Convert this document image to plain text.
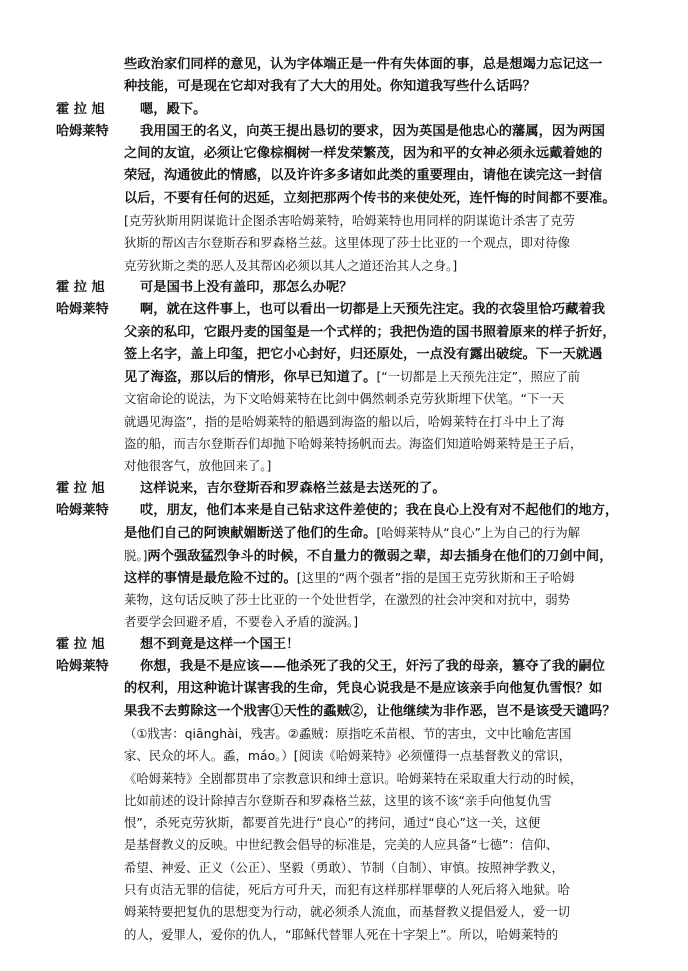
些政治家们同样的意见，认为字体端正是一件有失体面的事，总是想竭力忘记这一
种技能，可是现在它却对我有了大大的用处。你知道我写些什么话吗？
霍 拉 旭	嗯，殿下。
哈姆莱特 我用国王的名义，向英王提出恳切的要求，因为英国是他忠心的藩属，因为两国
之间的友谊，必须让它像棕榈树一样发荣繁茂，因为和平的女神必须永远戴着她的
荣冠，沟通彼此的情感，以及许许多多诸如此类的重要理由，请他在读完这一封信
以后，不要有任何的迟延，立刻把那两个传书的来使处死，连忏悔的时间都不要准。
[克劳狄斯用阴谋诡计企图杀害哈姆莱特，哈姆莱特也用同样的阴谋诡计杀害了克劳
狄斯的帮凶吉尔登斯吞和罗森格兰兹。这里体现了莎士比亚的一个观点，即对待像
克劳狄斯之类的恶人及其帮凶必须以其人之道还治其人之身。]
霍 拉 旭	可是国书上没有盖印，那怎么办呢？
哈姆莱特 啊，就在这件事上，也可以看出一切都是上天预先注定。我的衣袋里恰巧藏着我
父亲的私印，它跟丹麦的国玺是一个式样的；我把伪造的国书照着原来的样子折好，
签上名字，盖上印玺，把它小心封好，归还原处，一点没有露出破绽。下一天就遇
见了海盗，那以后的情形，你早已知道了。[“一切都是上天预先注定”，照应了前
文宿命论的说法，为下文哈姆莱特在比剑中偶然刺杀克劳狄斯埋下伏笔。“下一天
就遇见海盗”，指的是哈姆莱特的船遇到海盗的船以后，哈姆莱特在打斗中上了海
盗的船，而吉尔登斯吞们却抛下哈姆莱特扬帆而去。海盗们知道哈姆莱特是王子后，
对他很客气，放他回来了。]
霍 拉 旭	这样说来，吉尔登斯吞和罗森格兰兹是去送死的了。
哈姆莱特 哎，朋友，他们本来是自己钻求这件差使的；我在良心上没有对不起他们的地方，
是他们自己的阿谀献媚断送了他们的生命。[哈姆莱特从“良心”上为自己的行为解
脱。]两个强敌猛烈争斗的时候，不自量力的微弱之辈，却去插身在他们的刀剑中间，
这样的事情是最危险不过的。[这里的“两个强者”指的是国王克劳狄斯和王子哈姆
莱物，这句话反映了莎士比亚的一个处世哲学，在激烈的社会冲突和对抗中，弱势
者要学会回避矛盾，不要卷入矛盾的漩涡。]
霍 拉 旭	想不到竟是这样一个国王！
哈姆莱特 你想，我是不是应该——他杀死了我的父王，奸污了我的母亲，篡夺了我的嗣位
的权利，用这种诡计谋害我的生命，凭良心说我是不是应该亲手向他复仇雪恨？如
果我不去剪除这一个戕害①天性的蟊贼②，让他继续为非作恶，岂不是该受天谴吗？
（①戕害：qiānghài，残害。②蟊贼：原指吃禾苗根、节的害虫，文中比喻危害国
家、民众的坏人。蟊，máo。）[阅读《哈姆莱特》必须懂得一点基督教义的常识，
《哈姆莱特》全剧都贯串了宗教意识和绅士意识。哈姆莱特在采取重大行动的时候，
比如前述的设计除掉吉尔登斯吞和罗森格兰兹，这里的该不该“亲手向他复仇雪
恨”，杀死克劳狄斯，都要首先进行“良心”的拷问，通过“良心”这一关，这便
是基督教义的反映。中世纪教会倡导的标准是，完美的人应具备“七德”：信仰、
希望、神爱、正义（公正）、坚毅（勇敢）、节制（自制）、审慎。按照神学教义，
只有贞洁无罪的信徒，死后方可升天，而犯有这样那样罪孽的人死后将入地狱。哈
姆莱特要把复仇的思想变为行动，就必须杀人流血，而基督教义提倡爱人，爱一切
的人，爱罪人，爱你的仇人，“耶稣代替罪人死在十字架上”。所以，哈姆莱特的
